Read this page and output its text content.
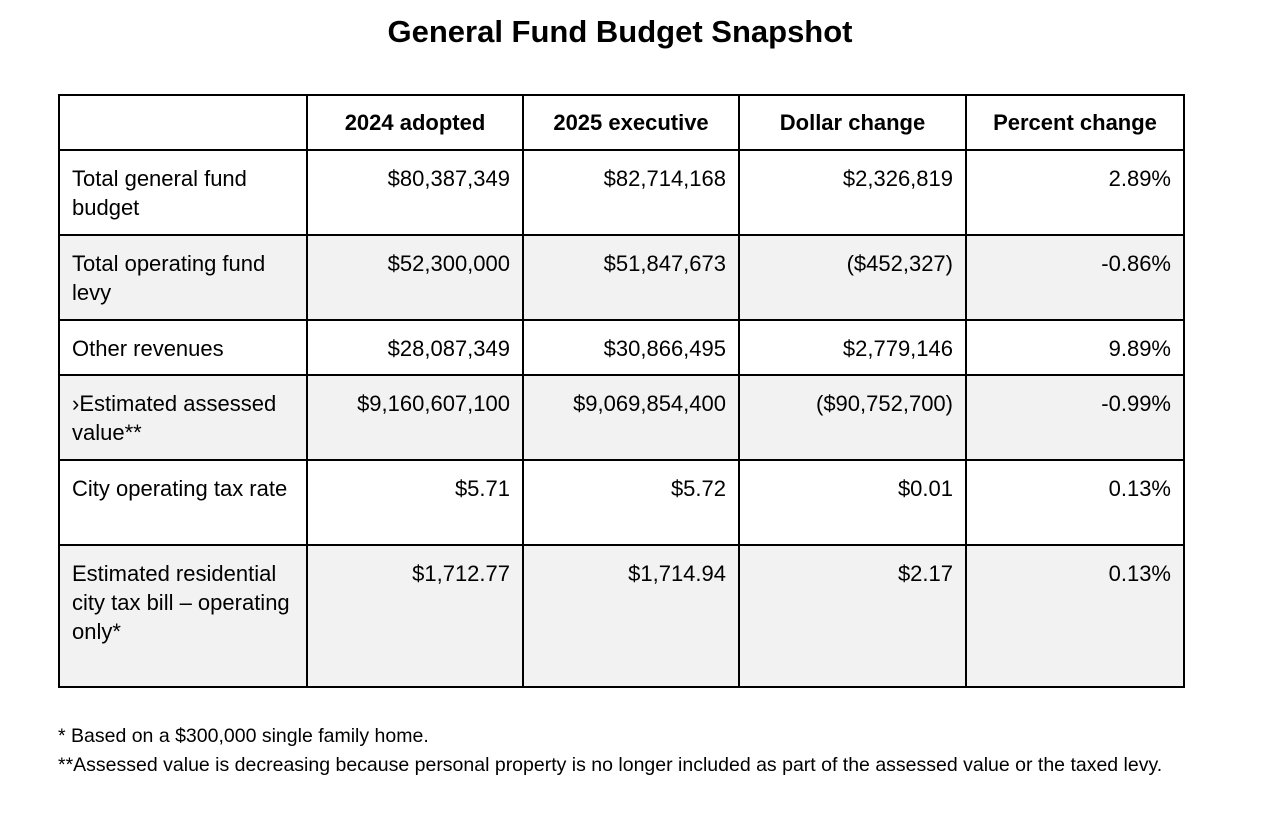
General Fund Budget Snapshot
	2024 adopted	2025 executive	Dollar change	Percent change
Total general fund budget	$80,387,349	$82,714,168	$2,326,819	2.89%
Total operating fund levy	$52,300,000	$51,847,673	($452,327)	-0.86%
Other revenues	$28,087,349	$30,866,495	$2,779,146	9.89%
›Estimated assessed value**	$9,160,607,100	$9,069,854,400	($90,752,700)	-0.99%
City operating tax rate	$5.71	$5.72	$0.01	0.13%
Estimated residential city tax bill – operating only*	$1,712.77	$1,714.94	$2.17	0.13%
* Based on a $300,000 single family home.
**Assessed value is decreasing because personal property is no longer included as part of the assessed value or the taxed levy.
